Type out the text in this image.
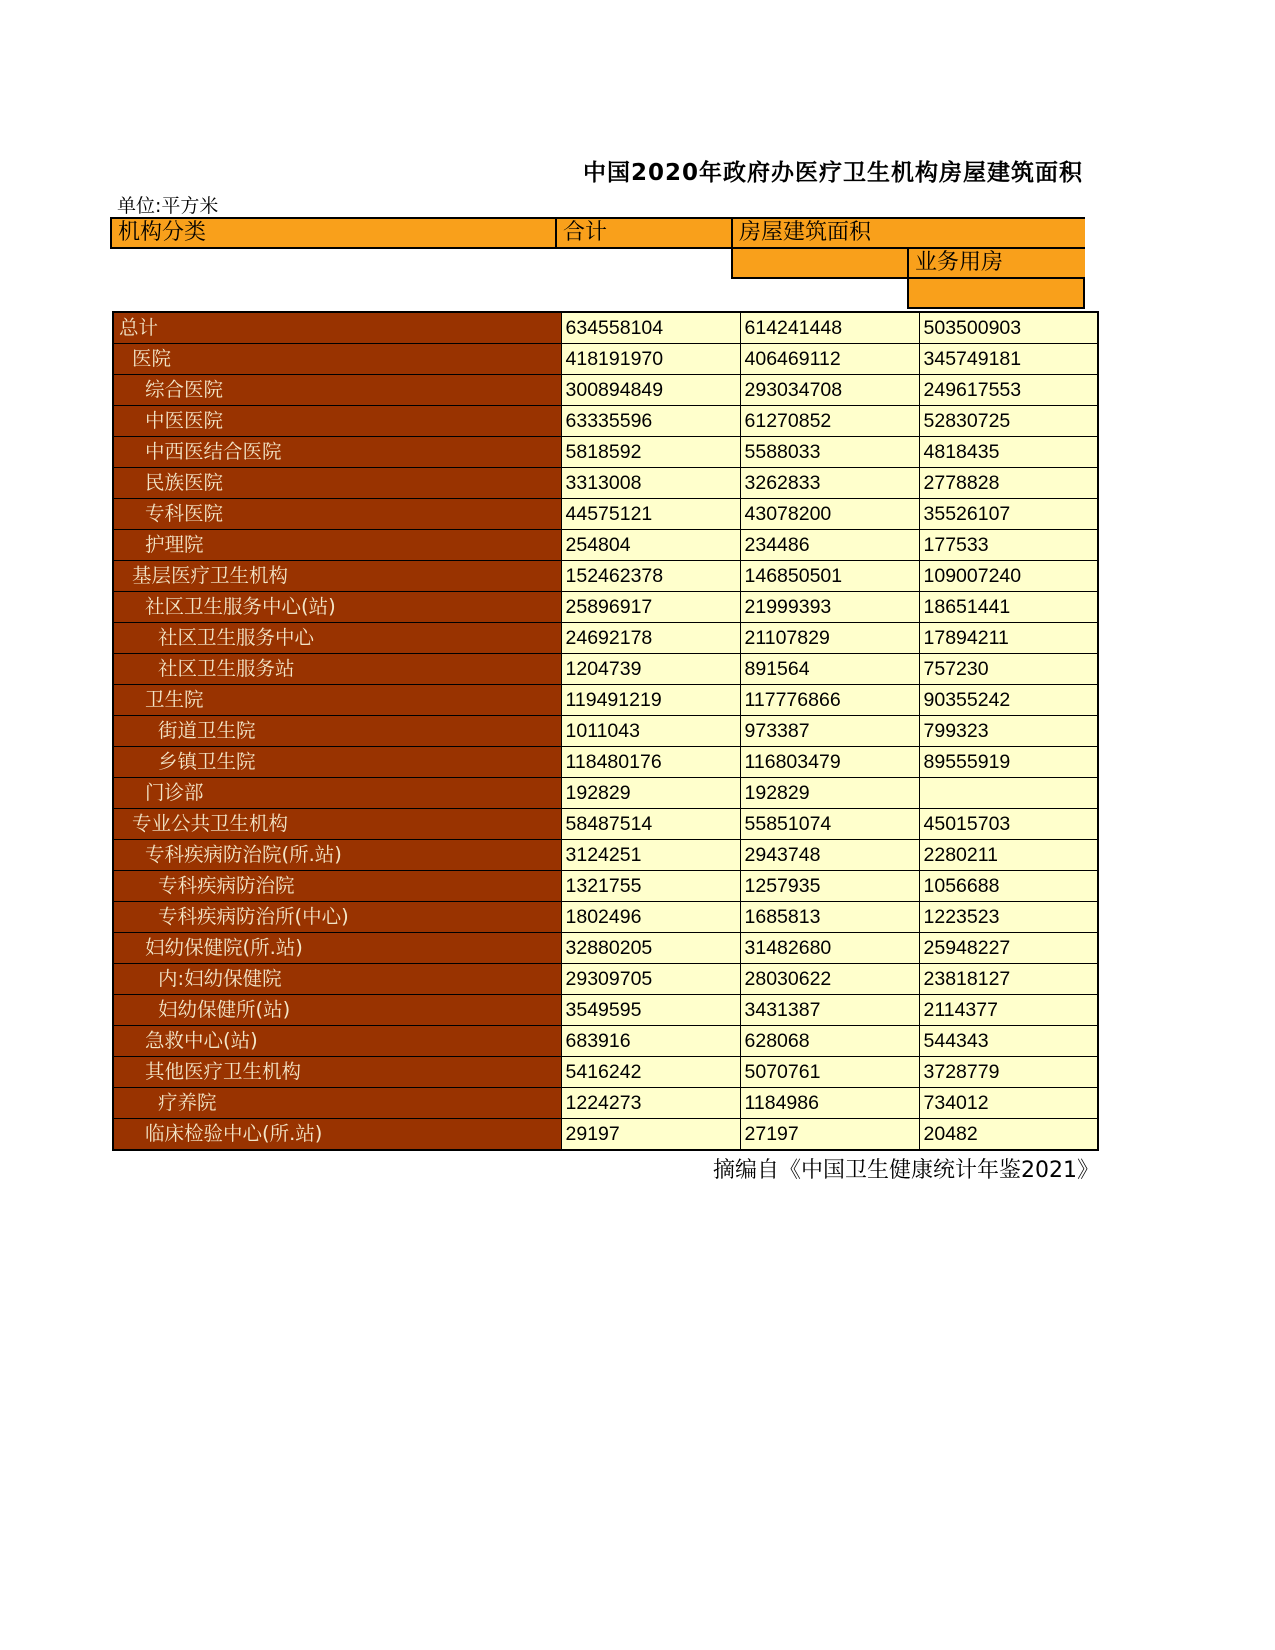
中国2020年政府办医疗卫生机构房屋建筑面积
单位:平方米
机构分类	合计	房屋建筑面积
业务用房
总计	634558104	614241448	503500903
医院	418191970	406469112	345749181
综合医院	300894849	293034708	249617553
中医医院	63335596	61270852	52830725
中西医结合医院	5818592	5588033	4818435
民族医院	3313008	3262833	2778828
专科医院	44575121	43078200	35526107
护理院	254804	234486	177533
基层医疗卫生机构	152462378	146850501	109007240
社区卫生服务中心(站)	25896917	21999393	18651441
社区卫生服务中心	24692178	21107829	17894211
社区卫生服务站	1204739	891564	757230
卫生院	119491219	117776866	90355242
街道卫生院	1011043	973387	799323
乡镇卫生院	118480176	116803479	89555919
门诊部	192829	192829	
专业公共卫生机构	58487514	55851074	45015703
专科疾病防治院(所.站)	3124251	2943748	2280211
专科疾病防治院	1321755	1257935	1056688
专科疾病防治所(中心)	1802496	1685813	1223523
妇幼保健院(所.站)	32880205	31482680	25948227
内:妇幼保健院	29309705	28030622	23818127
妇幼保健所(站)	3549595	3431387	2114377
急救中心(站)	683916	628068	544343
其他医疗卫生机构	5416242	5070761	3728779
疗养院	1224273	1184986	734012
临床检验中心(所.站)	29197	27197	20482
摘编自《中国卫生健康统计年鉴2021》
